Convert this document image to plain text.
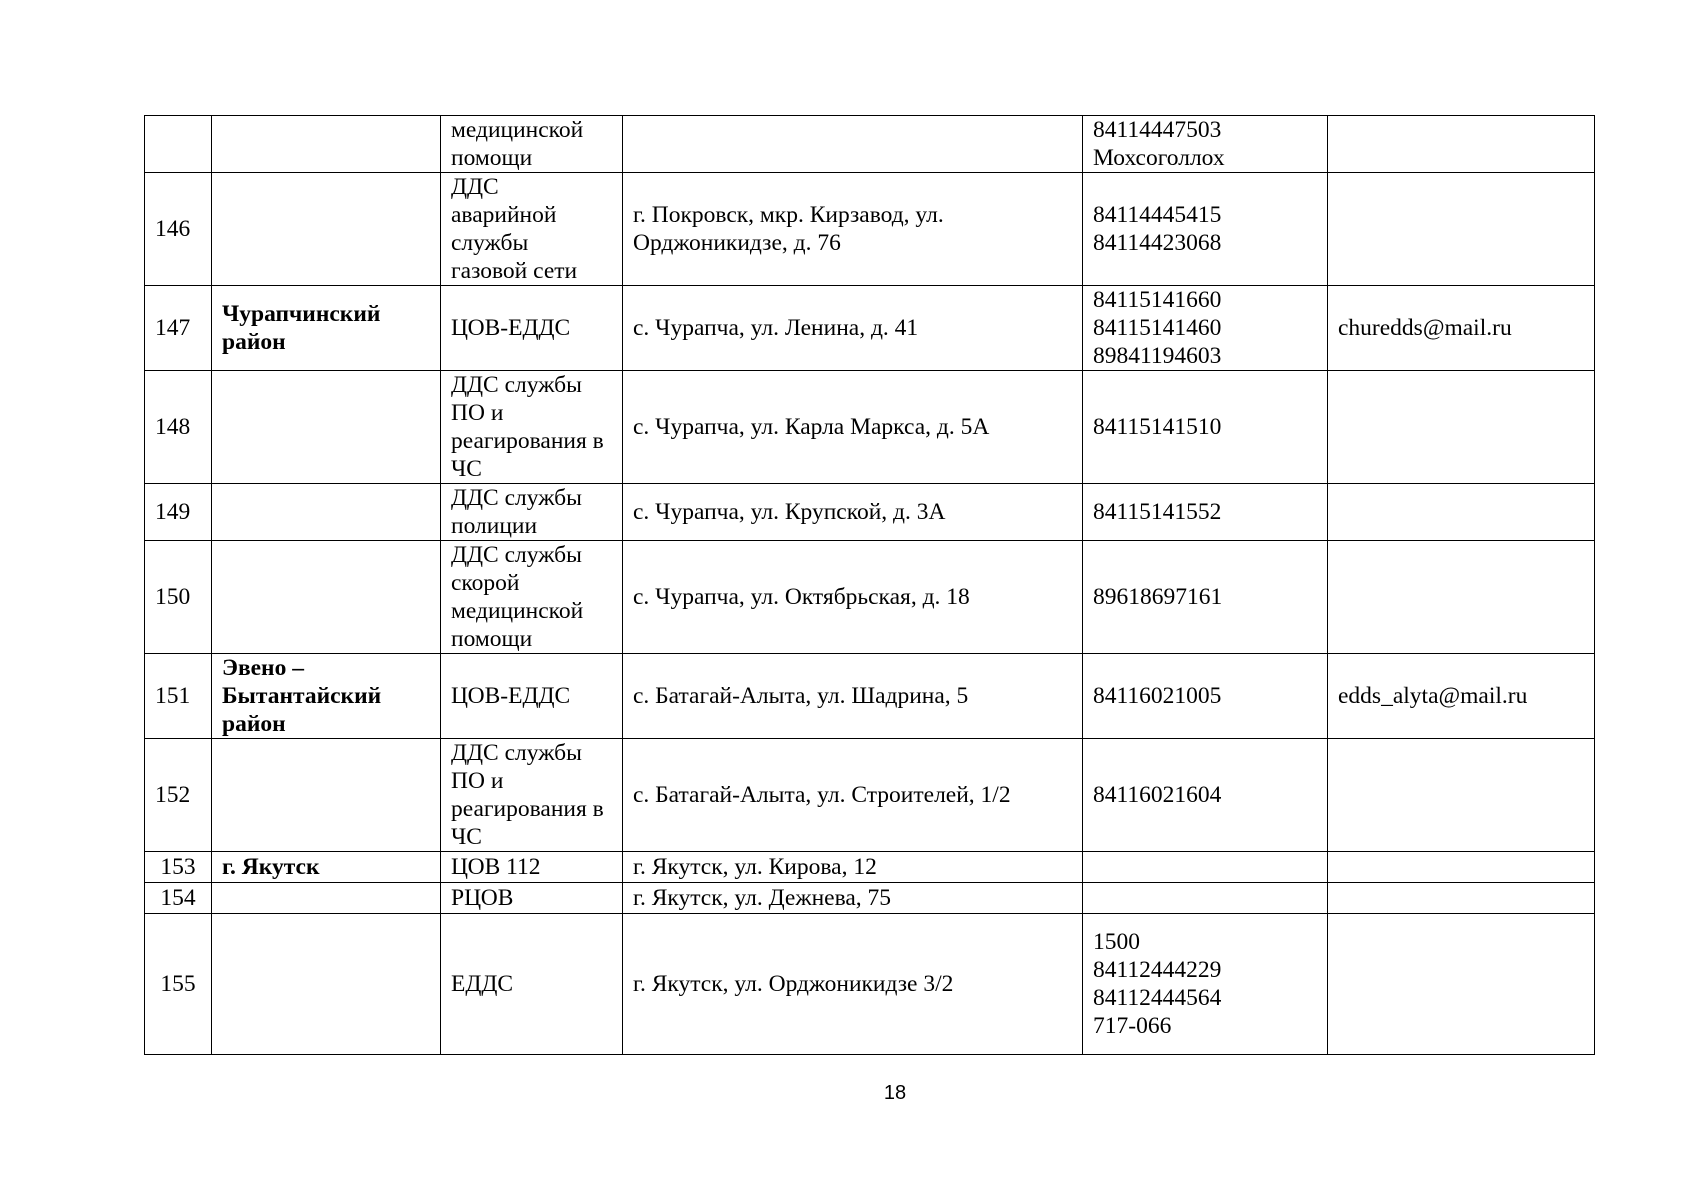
		медицинской
помощи		84114447503
Мохсоголлох	

146		ДДС
аварийной
службы
газовой сети	г. Покровск, мкр. Кирзавод, ул.
Орджоникидзе, д. 76	84114445415
84114423068	

147	Чурапчинский
район	ЦОВ-ЕДДС	с. Чурапча, ул. Ленина, д. 41	84115141660
84115141460
89841194603	churedds@mail.ru
148		ДДС службы
ПО и
реагирования в
ЧС	с. Чурапча, ул. Карла Маркса, д. 5А	84115141510	

149		ДДС службы
полиции	с. Чурапча, ул. Крупской, д. 3А	84115141552	

150		ДДС службы
скорой
медицинской
помощи	с. Чурапча, ул. Октябрьская, д. 18	89618697161	

151	Эвено –
Бытантайский
район	ЦОВ-ЕДДС	с. Батагай-Алыта, ул. Шадрина, 5	84116021005	edds_alyta@mail.ru
152		ДДС службы
ПО и
реагирования в
ЧС	с. Батагай-Алыта, ул. Строителей, 1/2	84116021604	

153	г. Якутск	ЦОВ 112	г. Якутск, ул. Кирова, 12		

154		РЦОВ	г. Якутск, ул. Дежнева, 75		

155		ЕДДС	г. Якутск, ул. Орджоникидзе 3/2	1500
84112444229
84112444564
717-066	

18
